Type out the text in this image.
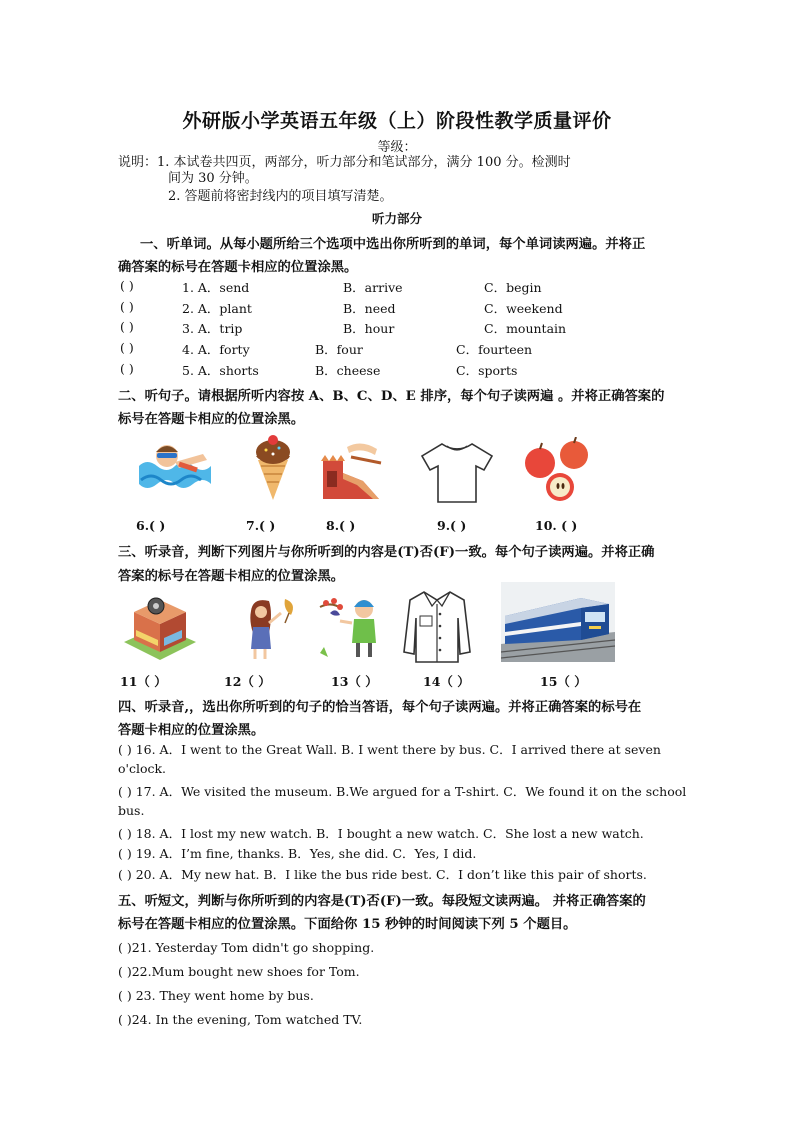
外研版小学英语五年级（上）阶段性教学质量评价
等级：
说明：1. 本试卷共四页，两部分，听力部分和笔试部分，满分 100 分。检测时
间为 30 分钟。
2. 答题前将密封线内的项目填写清楚。
听力部分
一、听单词。从每小题所给三个选项中选出你所听到的单词，每个单词读两遍。并将正
确答案的标号在答题卡相应的位置涂黑。
( )	1. A．send	B．arrive	C．begin
( )	2. A．plant	B．need	C．weekend
( )	3. A．trip	B．hour	C．mountain
( )	4. A．forty	B．four	C．fourteen
( )	5. A．shorts	B．cheese	C．sports
二、听句子。请根据所听内容按 A、B、C、D、E 排序，每个句子读两遍 。并将正确答案的
标号在答题卡相应的位置涂黑。
6.( )	7.( )	8.( )	9.( )	10. ( )
三、听录音，判断下列图片与你所听到的内容是(T)否(F)一致。每个句子读两遍。并将正确
答案的标号在答题卡相应的位置涂黑。
11（ ）	12（ ）	13（ ）	14（ ）	15（ ）
四、听录音,，选出你所听到的句子的恰当答语，每个句子读两遍。并将正确答案的标号在
答题卡相应的位置涂黑。
( ) 16. A．I went to the Great Wall. B. I went there by bus. C．I arrived there at seven
o'clock.
( ) 17. A．We visited the museum. B.We argued for a T-shirt. C．We found it on the school
bus.
( ) 18. A．I lost my new watch. B．I bought a new watch. C．She lost a new watch.
( ) 19. A．I’m fine, thanks. B．Yes, she did. C．Yes, I did.
( ) 20. A．My new hat. B．I like the bus ride best. C．I don’t like this pair of shorts.
五、听短文，判断与你所听到的内容是(T)否(F)一致。每段短文读两遍。 并将正确答案的
标号在答题卡相应的位置涂黑。下面给你 15 秒钟的时间阅读下列 5 个题目。
( )21. Yesterday Tom didn't go shopping.
( )22.Mum bought new shoes for Tom.
( ) 23. They went home by bus.
( )24. In the evening, Tom watched TV.
